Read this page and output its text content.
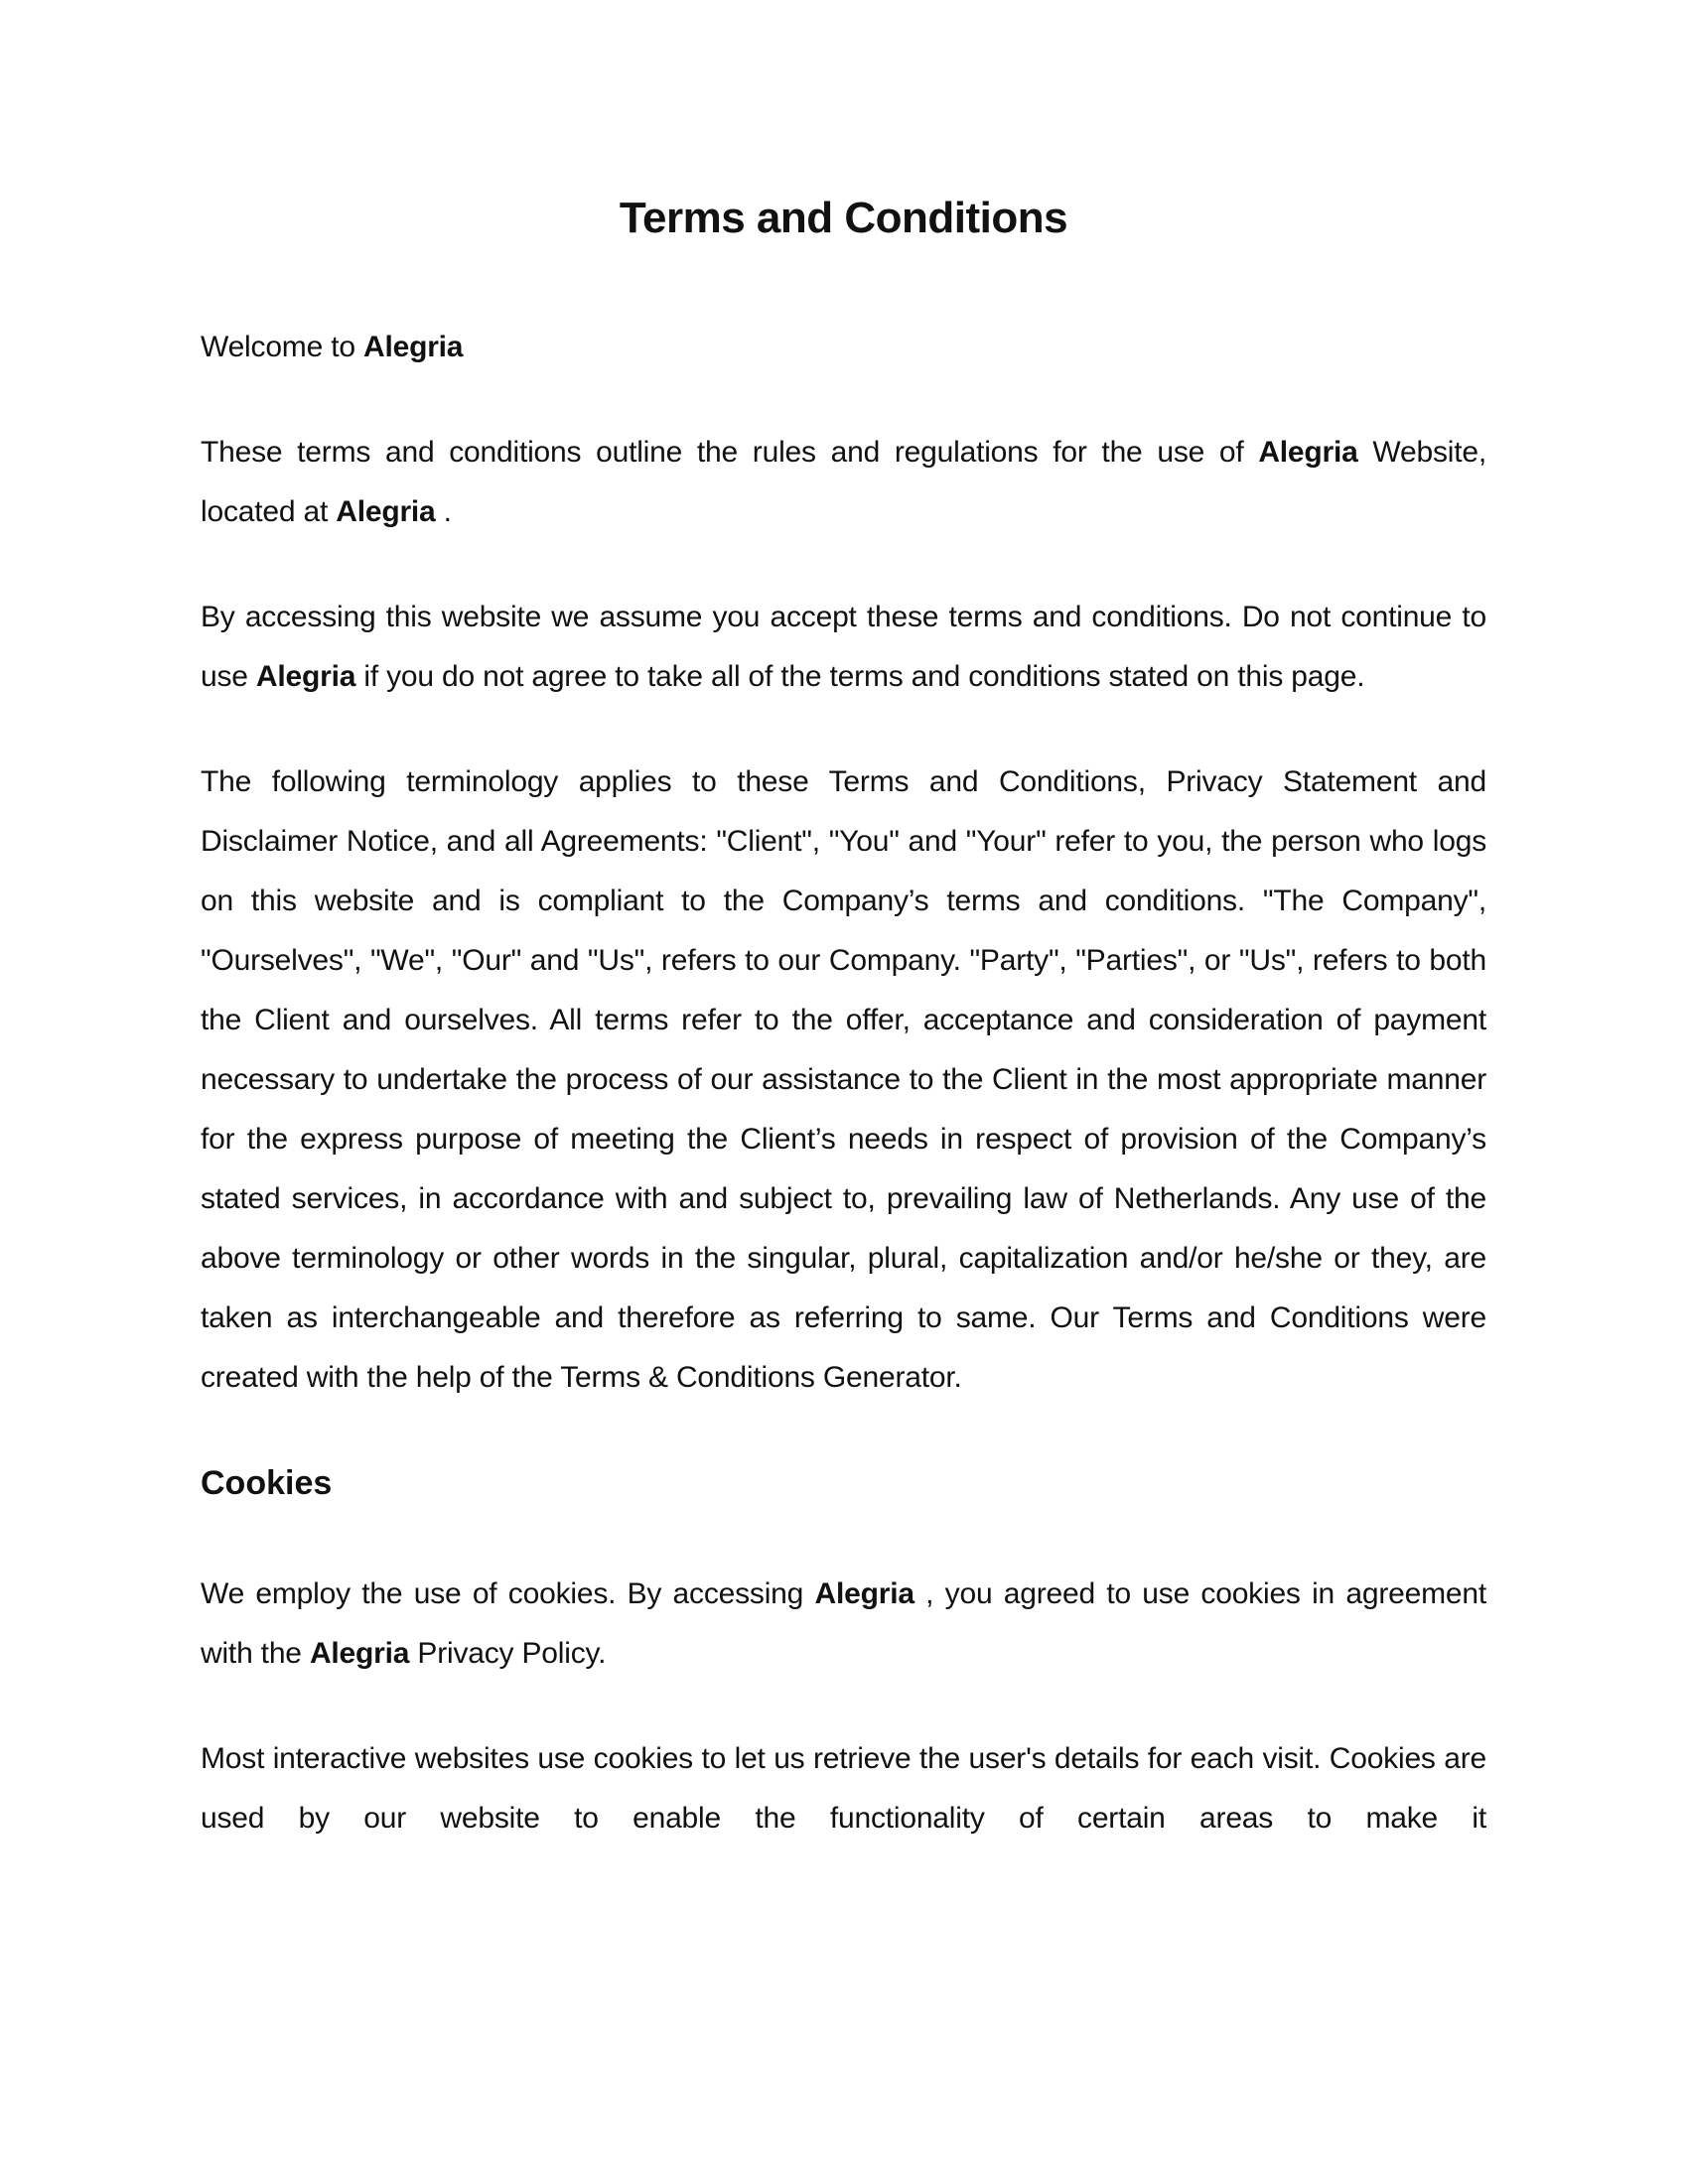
Terms and Conditions

Welcome to Alegria

These terms and conditions outline the rules and regulations for the use of Alegria Website, located at Alegria .

By accessing this website we assume you accept these terms and conditions. Do not continue to use Alegria if you do not agree to take all of the terms and conditions stated on this page.

The following terminology applies to these Terms and Conditions, Privacy Statement and Disclaimer Notice, and all Agreements: "Client", "You" and "Your" refer to you, the person who logs on this website and is compliant to the Company’s terms and conditions. "The Company", "Ourselves", "We", "Our" and "Us", refers to our Company. "Party", "Parties", or "Us", refers to both the Client and ourselves. All terms refer to the offer, acceptance and consideration of payment necessary to undertake the process of our assistance to the Client in the most appropriate manner for the express purpose of meeting the Client’s needs in respect of provision of the Company’s stated services, in accordance with and subject to, prevailing law of Netherlands. Any use of the above terminology or other words in the singular, plural, capitalization and/or he/she or they, are taken as interchangeable and therefore as referring to same. Our Terms and Conditions were created with the help of the Terms & Conditions Generator.

Cookies

We employ the use of cookies. By accessing Alegria , you agreed to use cookies in agreement with the Alegria Privacy Policy.

Most interactive websites use cookies to let us retrieve the user's details for each visit. Cookies are used by our website to enable the functionality of certain areas to make it
